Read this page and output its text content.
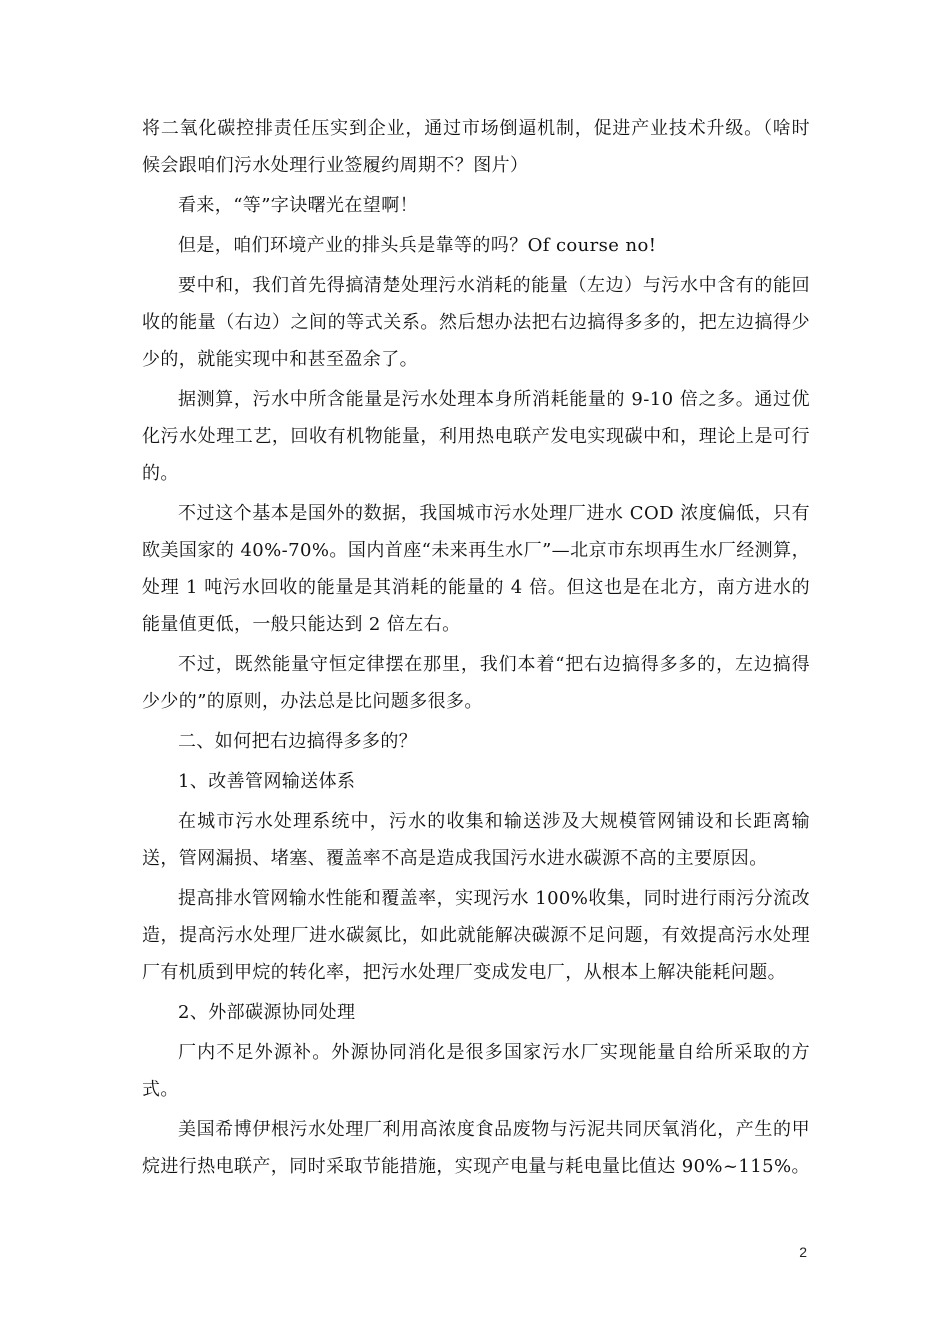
将二氧化碳控排责任压实到企业，通过市场倒逼机制，促进产业技术升级。（啥时候会跟咱们污水处理行业签履约周期不？图片）

看来，“等”字诀曙光在望啊！

但是，咱们环境产业的排头兵是靠等的吗？Of course no!

要中和，我们首先得搞清楚处理污水消耗的能量（左边）与污水中含有的能回收的能量（右边）之间的等式关系。然后想办法把右边搞得多多的，把左边搞得少少的，就能实现中和甚至盈余了。

据测算，污水中所含能量是污水处理本身所消耗能量的 9-10 倍之多。通过优化污水处理工艺，回收有机物能量，利用热电联产发电实现碳中和，理论上是可行的。

不过这个基本是国外的数据，我国城市污水处理厂进水 COD 浓度偏低，只有欧美国家的 40%-70%。国内首座“未来再生水厂”—北京市东坝再生水厂经测算，处理 1 吨污水回收的能量是其消耗的能量的 4 倍。但这也是在北方，南方进水的能量值更低，一般只能达到 2 倍左右。

不过，既然能量守恒定律摆在那里，我们本着“把右边搞得多多的，左边搞得少少的”的原则，办法总是比问题多很多。

二、如何把右边搞得多多的？

1、改善管网输送体系

在城市污水处理系统中，污水的收集和输送涉及大规模管网铺设和长距离输送，管网漏损、堵塞、覆盖率不高是造成我国污水进水碳源不高的主要原因。

提高排水管网输水性能和覆盖率，实现污水 100%收集，同时进行雨污分流改造，提高污水处理厂进水碳氮比，如此就能解决碳源不足问题，有效提高污水处理厂有机质到甲烷的转化率，把污水处理厂变成发电厂，从根本上解决能耗问题。

2、外部碳源协同处理

厂内不足外源补。外源协同消化是很多国家污水厂实现能量自给所采取的方式。

美国希博伊根污水处理厂利用高浓度食品废物与污泥共同厌氧消化，产生的甲烷进行热电联产，同时采取节能措施，实现产电量与耗电量比值达 90%~115%。

2
